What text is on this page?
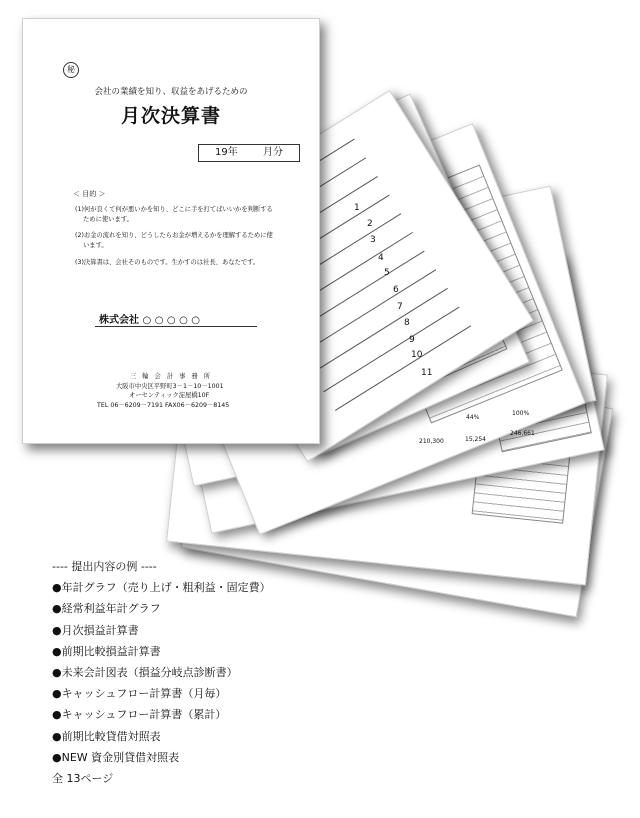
1
2
3
4
5
6
7
8
9
10
11
44%
100%
210,300	15,254
246,661
秘
会社の業績を知り、収益をあげるための
月次決算書
19年	月分
＜ 目的 ＞
(1)何が良くて何が悪いかを知り、どこに手を打てばいいかを判断する
ために使います。
(2)お金の流れを知り、どうしたらお金が増えるかを理解するために使
います。
(3)決算書は、会社そのものです。生かすのは社長、あなたです。
株式会社 ○ ○ ○ ○ ○
三 輪 会 計 事 務 所
大阪市中央区平野町3－1－10－1001
オーセンティック淀屋橋10F
TEL 06－6209－7191 FAX06－6209－8145
---- 提出内容の例 ----
●年計グラフ（売り上げ・粗利益・固定費）
●経常利益年計グラフ
●月次損益計算書
●前期比較損益計算書
●未来会計図表（損益分岐点診断書）
●キャッシュフロー計算書（月毎）
●キャッシュフロー計算書（累計）
●前期比較貸借対照表
●NEW 資金別貸借対照表
全 13ページ
